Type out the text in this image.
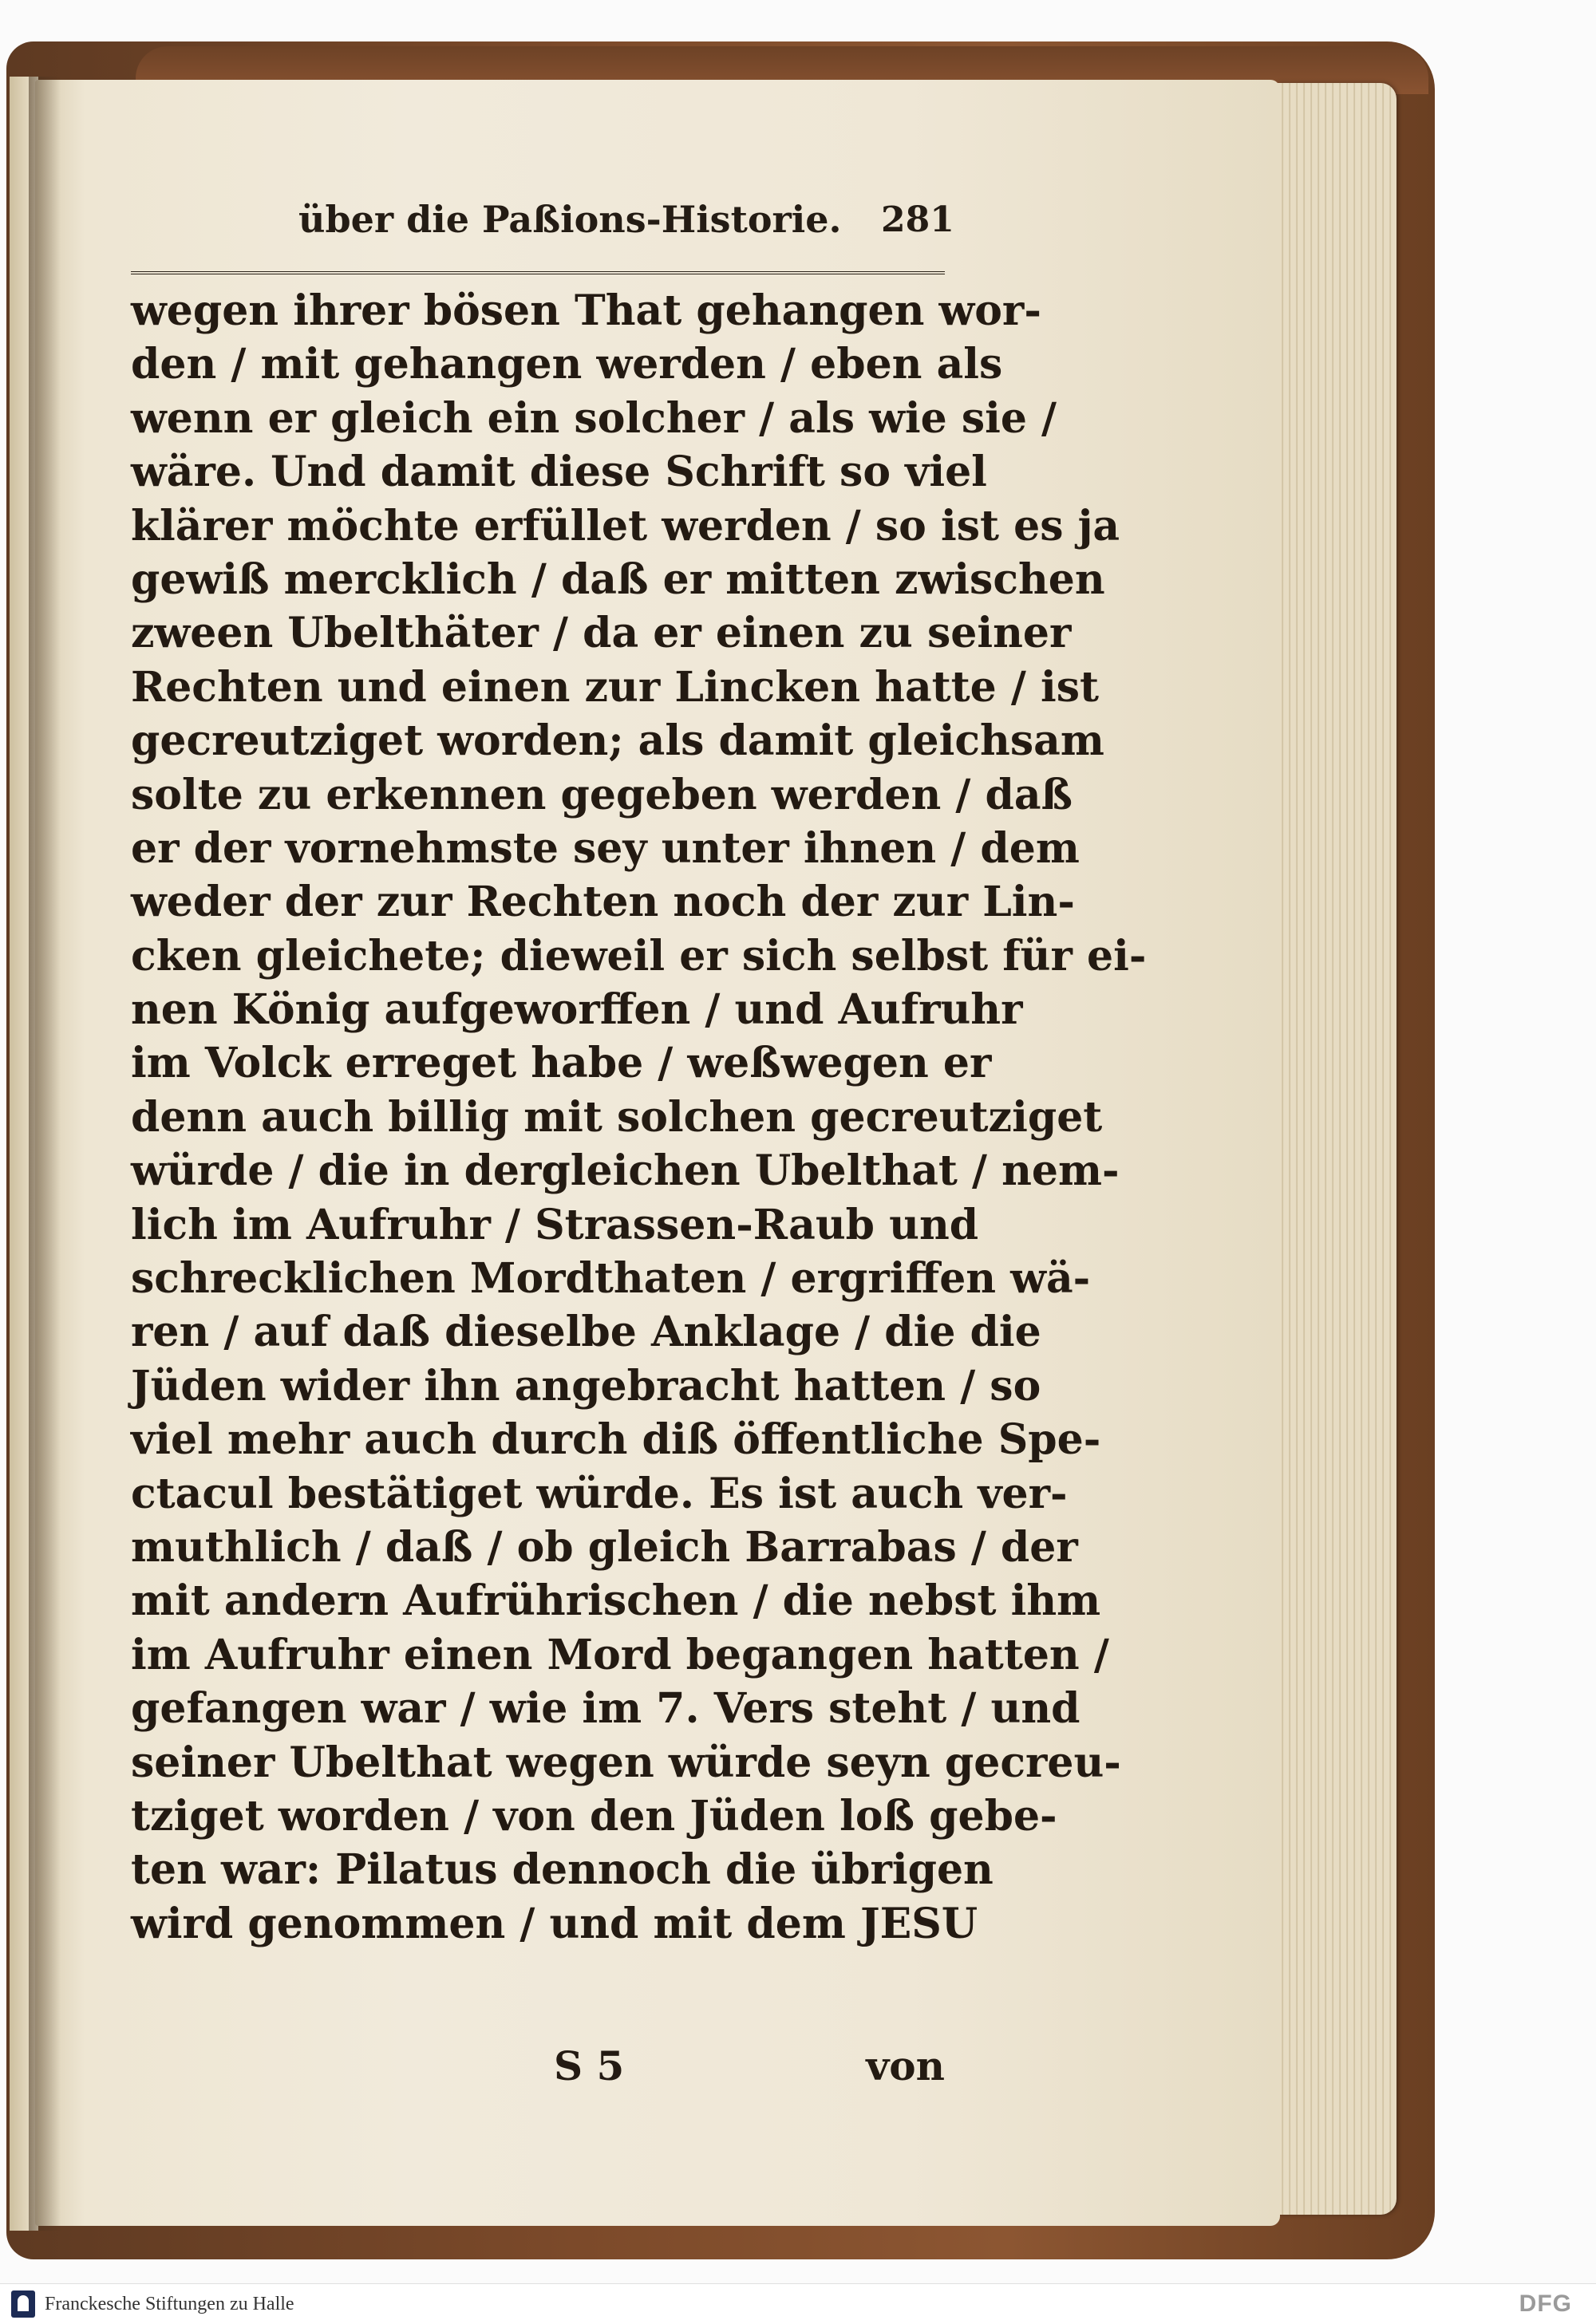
über die Paßions-Historie. 281
wegen ihrer bösen That gehangen wor-
den / mit gehangen werden / eben als
wenn er gleich ein solcher / als wie sie /
wäre. Und damit diese Schrift so viel
klärer möchte erfüllet werden / so ist es ja
gewiß mercklich / daß er mitten zwischen
zween Ubelthäter / da er einen zu seiner
Rechten und einen zur Lincken hatte / ist
gecreutziget worden; als damit gleichsam
solte zu erkennen gegeben werden / daß
er der vornehmste sey unter ihnen / dem
weder der zur Rechten noch der zur Lin-
cken gleichete; dieweil er sich selbst für ei-
nen König aufgeworffen / und Aufruhr
im Volck erreget habe / weßwegen er
denn auch billig mit solchen gecreutziget
würde / die in dergleichen Ubelthat / nem-
lich im Aufruhr / Strassen-Raub und
schrecklichen Mordthaten / ergriffen wä-
ren / auf daß dieselbe Anklage / die die
Jüden wider ihn angebracht hatten / so
viel mehr auch durch diß öffentliche Spe-
ctacul bestätiget würde. Es ist auch ver-
muthlich / daß / ob gleich Barrabas / der
mit andern Aufrührischen / die nebst ihm
im Aufruhr einen Mord begangen hatten /
gefangen war / wie im 7. Vers steht / und
seiner Ubelthat wegen würde seyn gecreu-
tziget worden / von den Jüden loß gebe-
ten war: Pilatus dennoch die übrigen
wird genommen / und mit dem JESU
S 5	von
Franckesche Stiftungen zu Halle	DFG
